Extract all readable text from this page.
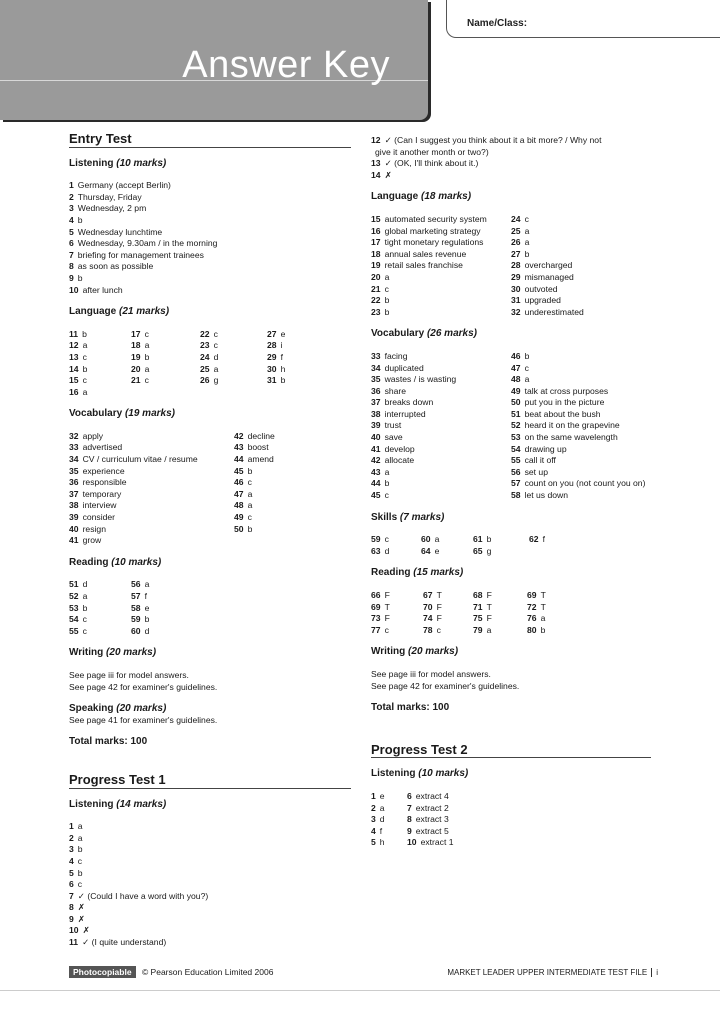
Answer Key
Name/Class:
Entry Test
Listening (10 marks)
1 Germany (accept Berlin)
2 Thursday, Friday
3 Wednesday, 2 pm
4 b
5 Wednesday lunchtime
6 Wednesday, 9.30am / in the morning
7 briefing for management trainees
8 as soon as possible
9 b
10 after lunch
Language (21 marks)
11 b	17 c	22 c	27 e
12 a	18 a	23 c	28 i
13 c	19 b	24 d	29 f
14 b	20 a	25 a	30 h
15 c	21 c	26 g	31 b
16 a
Vocabulary (19 marks)
32 apply	42 decline
33 advertised	43 boost
34 CV / curriculum vitae / resume	44 amend
35 experience	45 b
36 responsible	46 c
37 temporary	47 a
38 interview	48 a
39 consider	49 c
40 resign	50 b
41 grow
Reading (10 marks)
51 d	56 a
52 a	57 f
53 b	58 e
54 c	59 b
55 c	60 d
Writing (20 marks)
See page iii for model answers.
See page 42 for examiner's guidelines.
Speaking (20 marks)
See page 41 for examiner's guidelines.
Total marks: 100
Progress Test 1
Listening (14 marks)
1 a
2 a
3 b
4 c
5 b
6 c
7 ✓ (Could I have a word with you?)
8 ✗
9 ✗
10 ✗
11 ✓ (I quite understand)
12 ✓ (Can I suggest you think about it a bit more? / Why not
give it another month or two?)
13 ✓ (OK, I'll think about it.)
14 ✗
Language (18 marks)
15 automated security system	24 c
16 global marketing strategy	25 a
17 tight monetary regulations	26 a
18 annual sales revenue	27 b
19 retail sales franchise	28 overcharged
20 a	29 mismanaged
21 c	30 outvoted
22 b	31 upgraded
23 b	32 underestimated
Vocabulary (26 marks)
33 facing	46 b
34 duplicated	47 c
35 wastes / is wasting	48 a
36 share	49 talk at cross purposes
37 breaks down	50 put you in the picture
38 interrupted	51 beat about the bush
39 trust	52 heard it on the grapevine
40 save	53 on the same wavelength
41 develop	54 drawing up
42 allocate	55 call it off
43 a	56 set up
44 b	57 count on you (not count you on)
45 c	58 let us down
Skills (7 marks)
59 c	60 a	61 b	62 f
63 d	64 e	65 g
Reading (15 marks)
66 F	67 T	68 F	69 T
69 T	70 F	71 T	72 T
73 F	74 F	75 F	76 a
77 c	78 c	79 a	80 b
Writing (20 marks)
See page iii for model answers.
See page 42 for examiner's guidelines.
Total marks: 100
Progress Test 2
Listening (10 marks)
1 e	6 extract 4
2 a	7 extract 2
3 d	8 extract 3
4 f	9 extract 5
5 h	10 extract 1
Photocopiable © Pearson Education Limited 2006	MARKET LEADER UPPER INTERMEDIATE TEST FILE i
